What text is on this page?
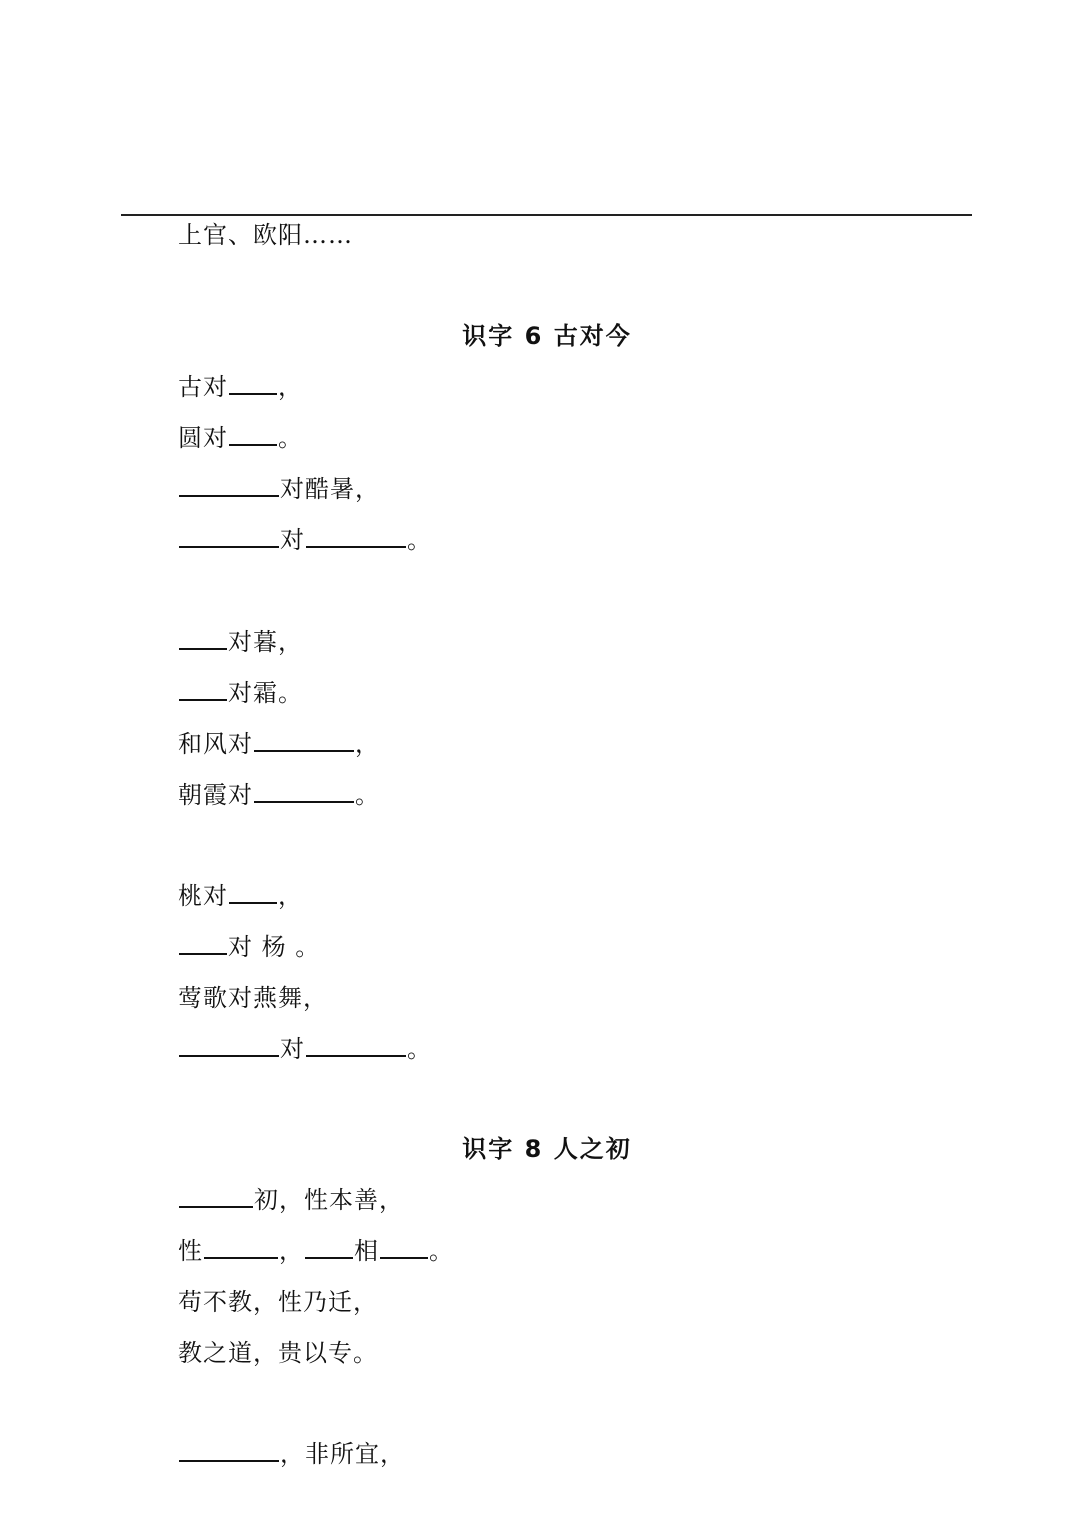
上官、欧阳……
识字 6 古对今
古对 ，
圆对 。
对酷暑，
对	。
对暮，
对霜。
和风对	，
朝霞对	。
桃对 ，
对 杨 。
莺歌对燕舞，
对	。
识字 8 人之初
初，性本善，
性	， 相 。
苟不教，性乃迁，
教之道，贵以专。
，非所宜，
